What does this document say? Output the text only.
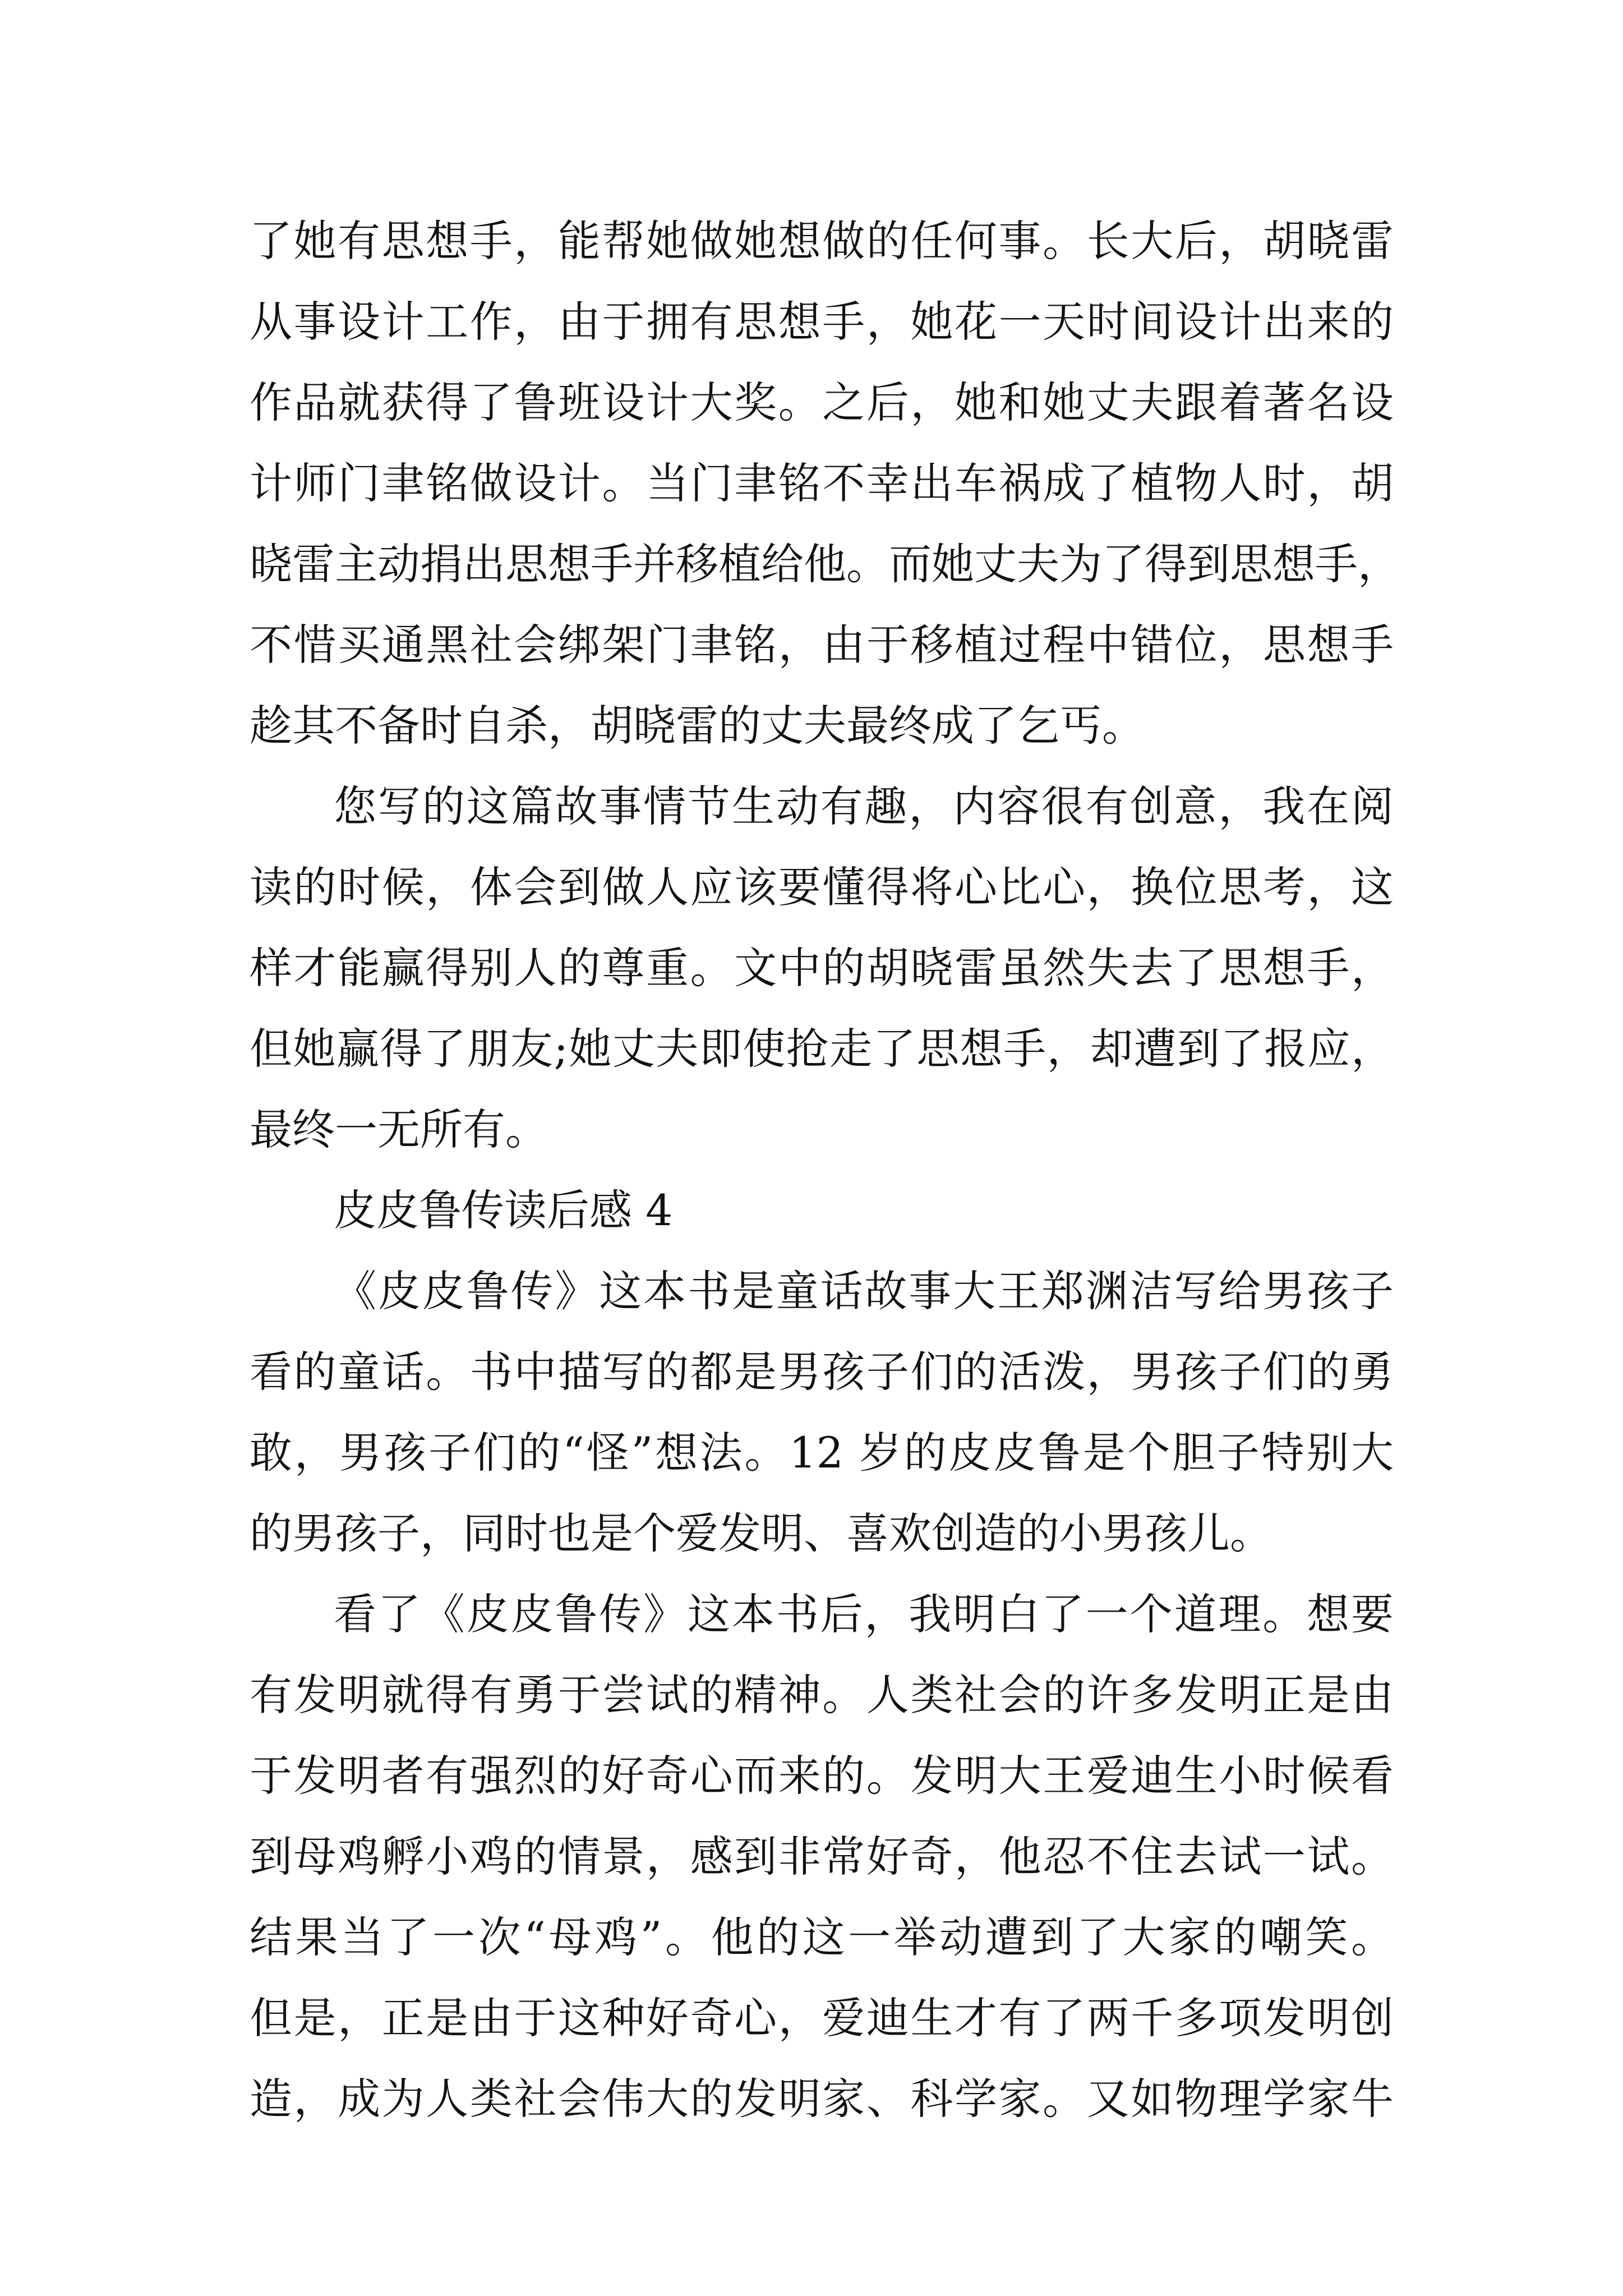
了她有思想手，能帮她做她想做的任何事。长大后，胡晓雷
从事设计工作，由于拥有思想手，她花一天时间设计出来的
作品就获得了鲁班设计大奖。之后，她和她丈夫跟着著名设
计师门聿铭做设计。当门聿铭不幸出车祸成了植物人时，胡
晓雷主动捐出思想手并移植给他。而她丈夫为了得到思想手，
不惜买通黑社会绑架门聿铭，由于移植过程中错位，思想手
趁其不备时自杀，胡晓雷的丈夫最终成了乞丐。
您写的这篇故事情节生动有趣，内容很有创意，我在阅
读的时候，体会到做人应该要懂得将心比心，换位思考，这
样才能赢得别人的尊重。文中的胡晓雷虽然失去了思想手，
但她赢得了朋友;她丈夫即使抢走了思想手，却遭到了报应，
最终一无所有。
皮皮鲁传读后感 4
《皮皮鲁传》这本书是童话故事大王郑渊洁写给男孩子
看的童话。书中描写的都是男孩子们的活泼，男孩子们的勇
敢，男孩子们的“怪”想法。12 岁的皮皮鲁是个胆子特别大
的男孩子，同时也是个爱发明、喜欢创造的小男孩儿。
看了《皮皮鲁传》这本书后，我明白了一个道理。想要
有发明就得有勇于尝试的精神。人类社会的许多发明正是由
于发明者有强烈的好奇心而来的。发明大王爱迪生小时候看
到母鸡孵小鸡的情景，感到非常好奇，他忍不住去试一试。
结果当了一次“母鸡”。他的这一举动遭到了大家的嘲笑。
但是，正是由于这种好奇心，爱迪生才有了两千多项发明创
造，成为人类社会伟大的发明家、科学家。又如物理学家牛
